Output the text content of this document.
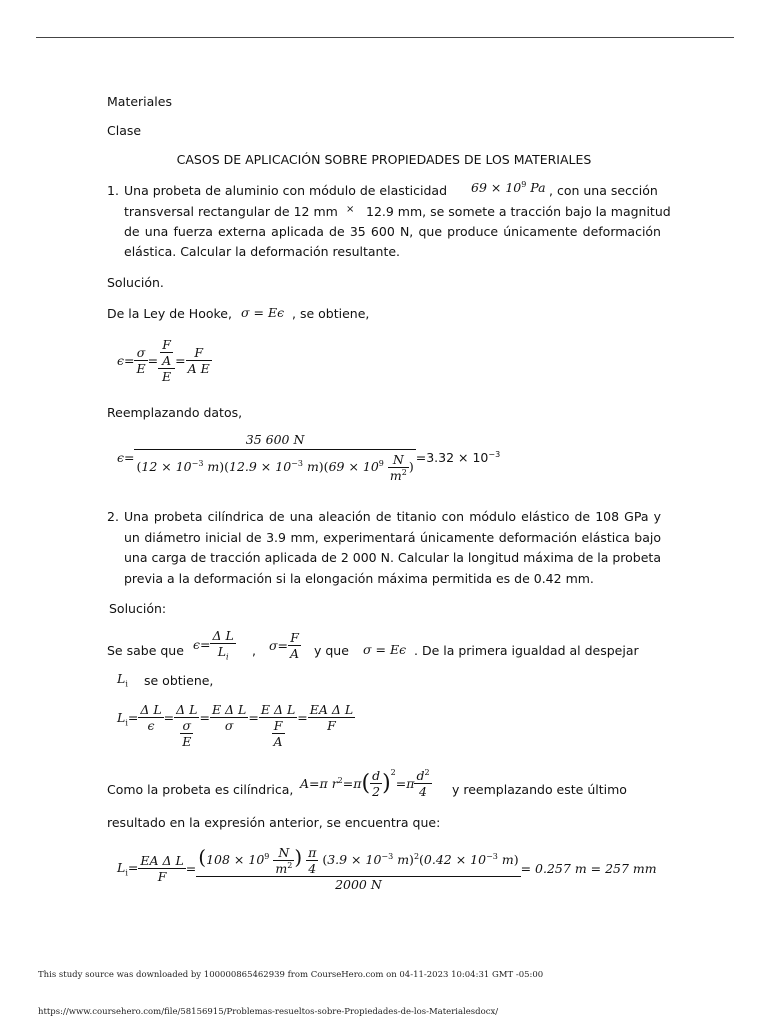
Materiales
Clase
CASOS DE APLICACIÓN SOBRE PROPIEDADES DE LOS MATERIALES
1. Una probeta de aluminio con módulo de elasticidad $69 \times 10^9$ Pa , con una sección
transversal rectangular de 12 mm × 12.9 mm, se somete a tracción bajo la magnitud
de una fuerza externa aplicada de 35 600 N, que produce únicamente deformación
elástica. Calcular la deformación resultante.
Solución.
De la Ley de Hooke, σ = Eϵ , se obtiene,
$\epsilon= \frac{\sigma}{E} = \frac{\frac{F}{A}}{E} = \frac{F}{\text{A E}}$
Reemplazando datos,
$\epsilon= \frac{35 600 N}{(12 \times 10^{-3} m)(12.9 \times 10^{-3} m)(69 \times 10^9 \frac{N}{m^2} )} =3.32 \times 10^{-3}$
2. Una probeta cilíndrica de una aleación de titanio con módulo elástico de 108 GPa y un diámetro inicial de 3.9 mm, experimentará únicamente deformación elástica bajo una carga de tracción aplicada de 2 000 N. Calcular la longitud máxima de la probeta previa a la deformación si la elongación máxima permitida es de 0.42 mm.
Solución:
Se sabe que $\epsilon= \frac{\text{Δ L}}{L_i}$ , $\sigma= \frac{F}{A}$ y que σ = Eϵ . De la primera igualdad al despejar
$L_i$ se obtiene,
$L_i= \frac{\text{Δ L}}{\epsilon} = \frac{\text{Δ L}}{\frac{\sigma}{E}} = \frac{\text{E Δ L}}{\sigma} = \frac{\text{E Δ L}}{\frac{F}{A}} = \frac{\text{EA Δ L}}{F}$
Como la probeta es cilíndrica, A=π $r^2=\pi$ ( $\frac{d}{2} )^2$
$=\pi \frac{d^2}{4}$ y reemplazando este último
resultado en la expresión anterior, se encuentra que:
$L_i= \frac{\text{EA Δ L}}{F} = \frac{(108 \times 10^9 \frac{N}{m^2} ) \frac{\pi}{4} (3.9 \times 10^{-3} m)^2(0.42 \times 10^{-3} m)}{2000 N} = 0.257$ m = 257 mm
This study source was downloaded by 100000865462939 from CourseHero.com on 04-11-2023 10:04:31 GMT -05:00
https://www.coursehero.com/file/58156915/Problemas-resueltos-sobre-Propiedades-de-los-Materialesdocx/
